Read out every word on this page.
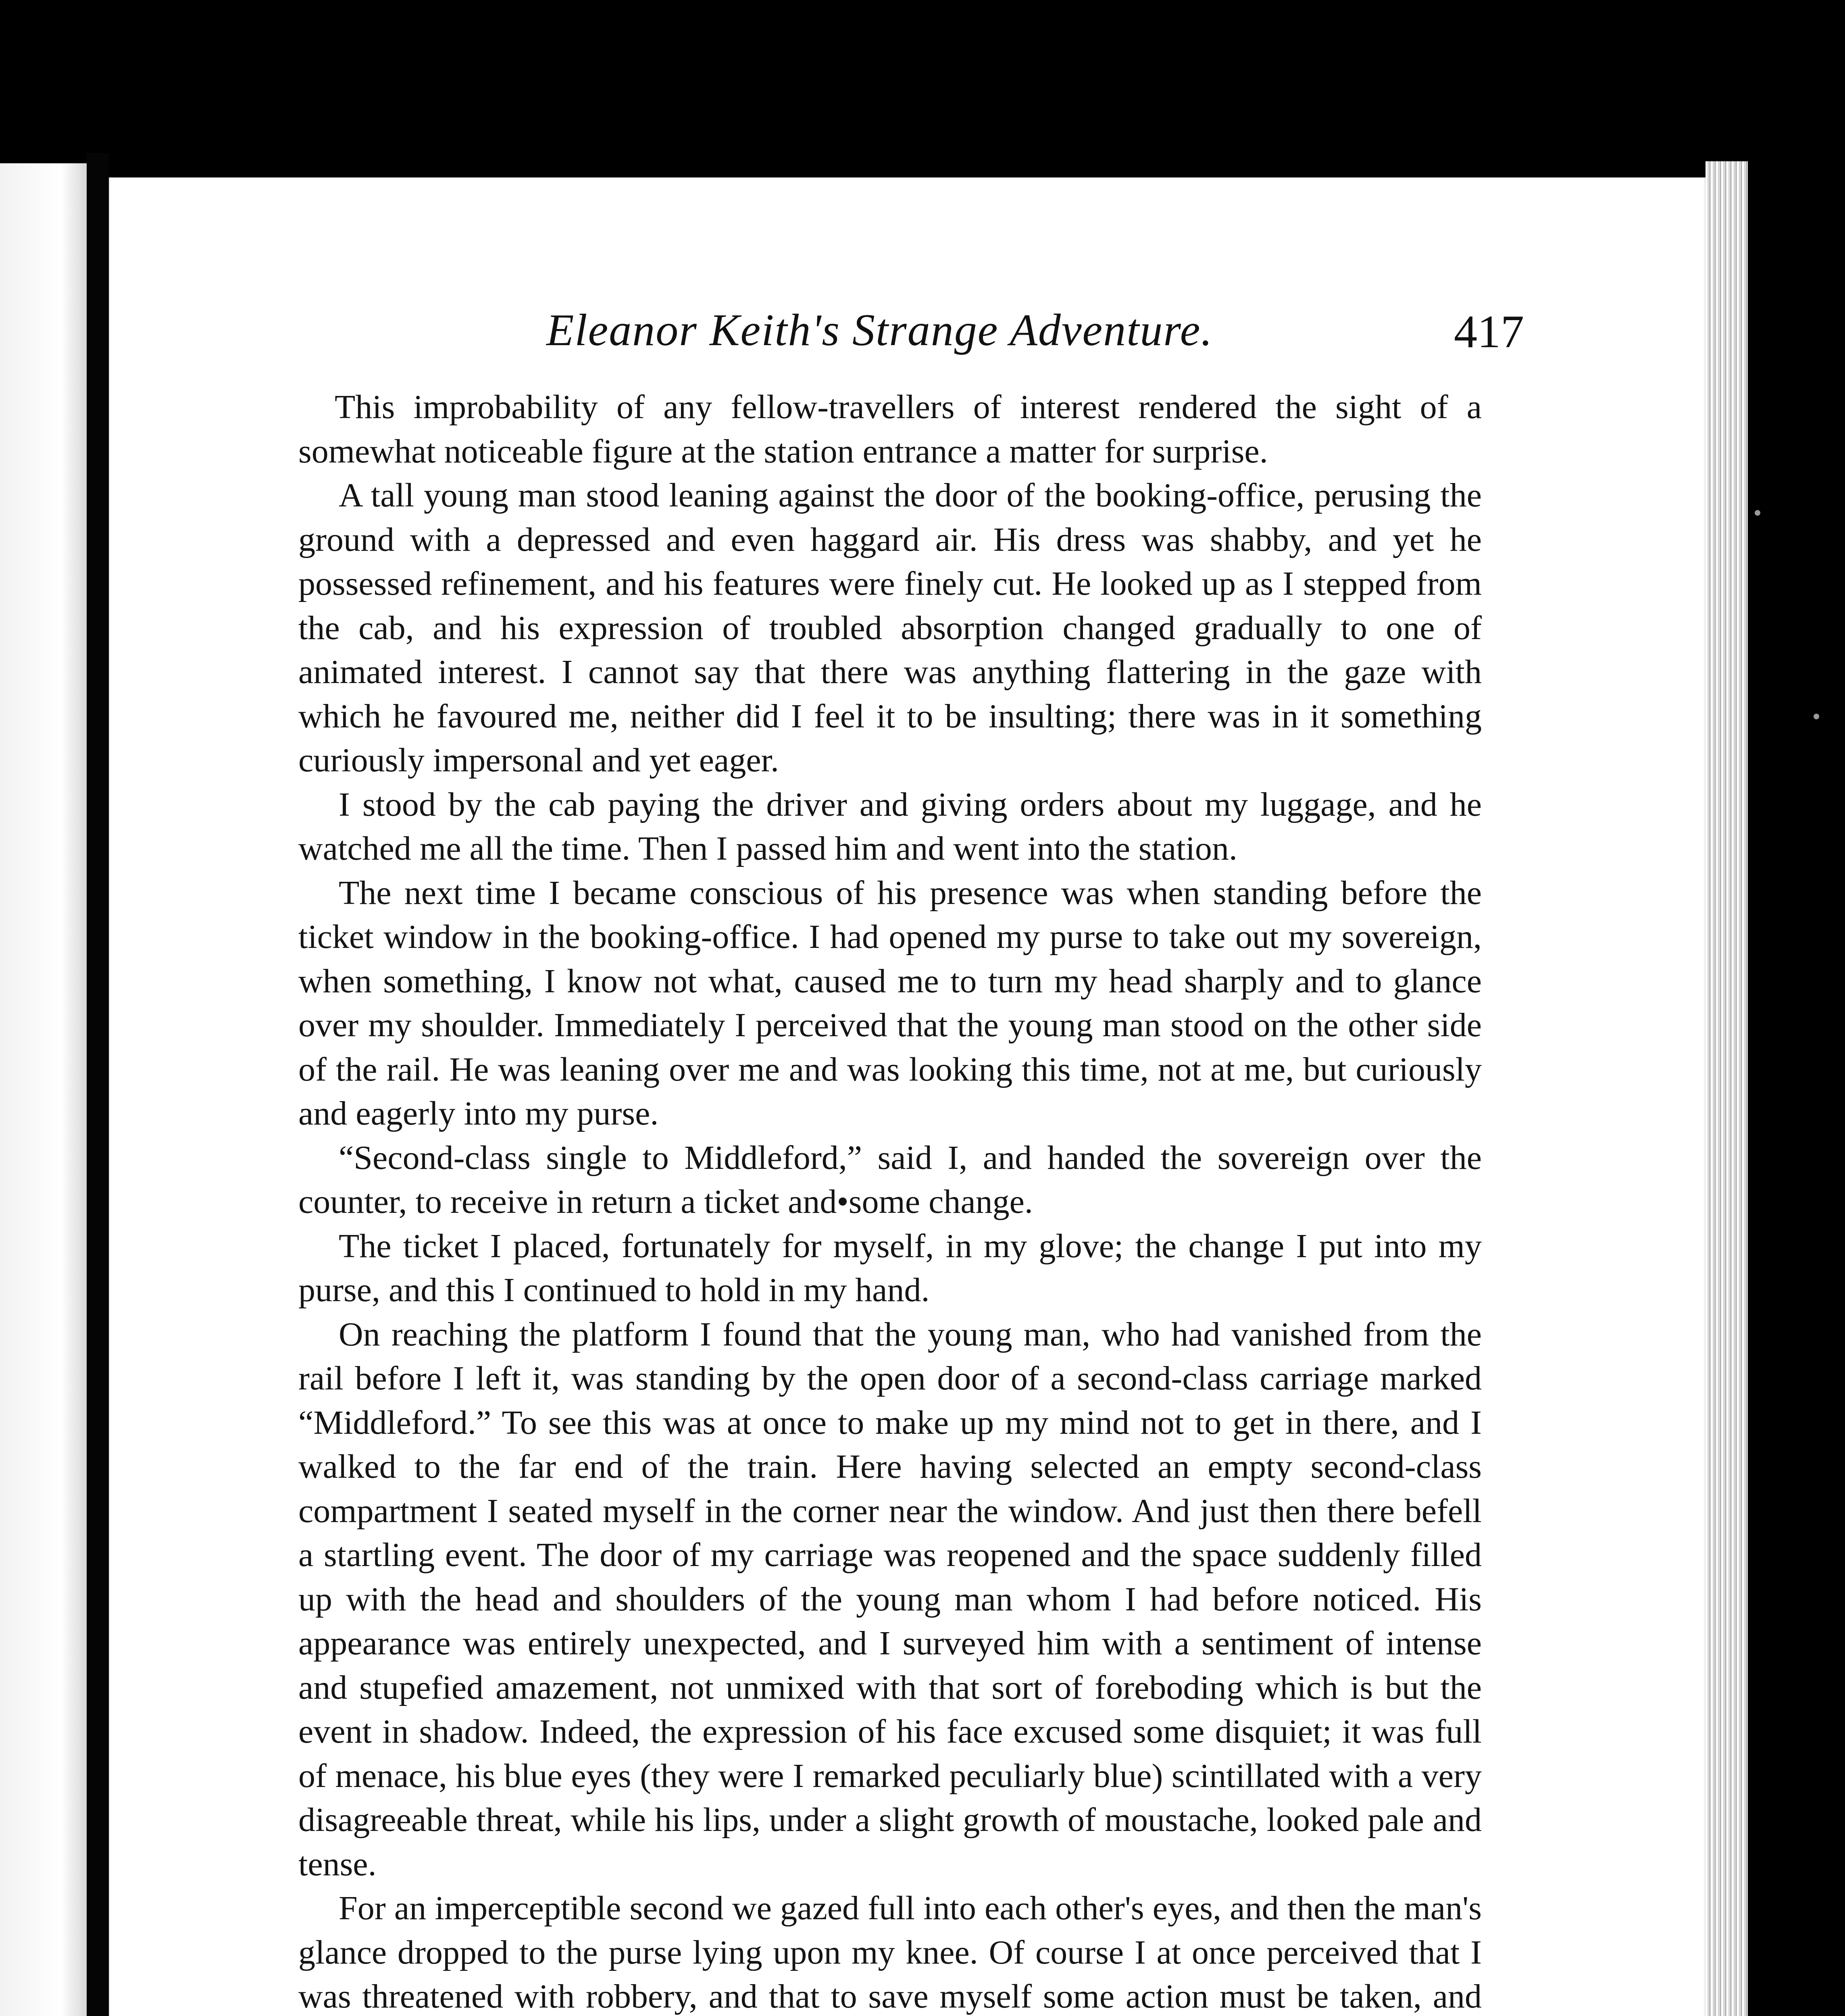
Eleanor Keith's Strange Adventure.	417

This improbability of any fellow-travellers of interest rendered the sight of a somewhat noticeable figure at the station entrance a matter for surprise.

A tall young man stood leaning against the door of the booking-office, perusing the ground with a depressed and even haggard air. His dress was shabby, and yet he possessed refinement, and his features were finely cut. He looked up as I stepped from the cab, and his expression of troubled absorption changed gradually to one of animated interest. I cannot say that there was anything flattering in the gaze with which he favoured me, neither did I feel it to be insulting; there was in it something curiously impersonal and yet eager.

I stood by the cab paying the driver and giving orders about my luggage, and he watched me all the time. Then I passed him and went into the station.

The next time I became conscious of his presence was when standing before the ticket window in the booking-office. I had opened my purse to take out my sovereign, when something, I know not what, caused me to turn my head sharply and to glance over my shoulder. Immediately I perceived that the young man stood on the other side of the rail. He was leaning over me and was looking this time, not at me, but curiously and eagerly into my purse.

“Second-class single to Middleford,” said I, and handed the sovereign over the counter, to receive in return a ticket and•some change.

The ticket I placed, fortunately for myself, in my glove; the change I put into my purse, and this I continued to hold in my hand.

On reaching the platform I found that the young man, who had vanished from the rail before I left it, was standing by the open door of a second-class carriage marked “Middleford.” To see this was at once to make up my mind not to get in there, and I walked to the far end of the train. Here having selected an empty second-class compartment I seated myself in the corner near the window. And just then there befell a startling event. The door of my carriage was reopened and the space suddenly filled up with the head and shoulders of the young man whom I had before noticed. His appearance was entirely unexpected, and I surveyed him with a sentiment of intense and stupefied amazement, not unmixed with that sort of foreboding which is but the event in shadow. Indeed, the expression of his face excused some disquiet; it was full of menace, his blue eyes (they were I remarked peculiarly blue) scintillated with a very disagreeable threat, while his lips, under a slight growth of moustache, looked pale and tense.

For an imperceptible second we gazed full into each other's eyes, and then the man's glance dropped to the purse lying upon my knee. Of course I at once perceived that I was threatened with robbery, and that to save myself some action must be taken, and
